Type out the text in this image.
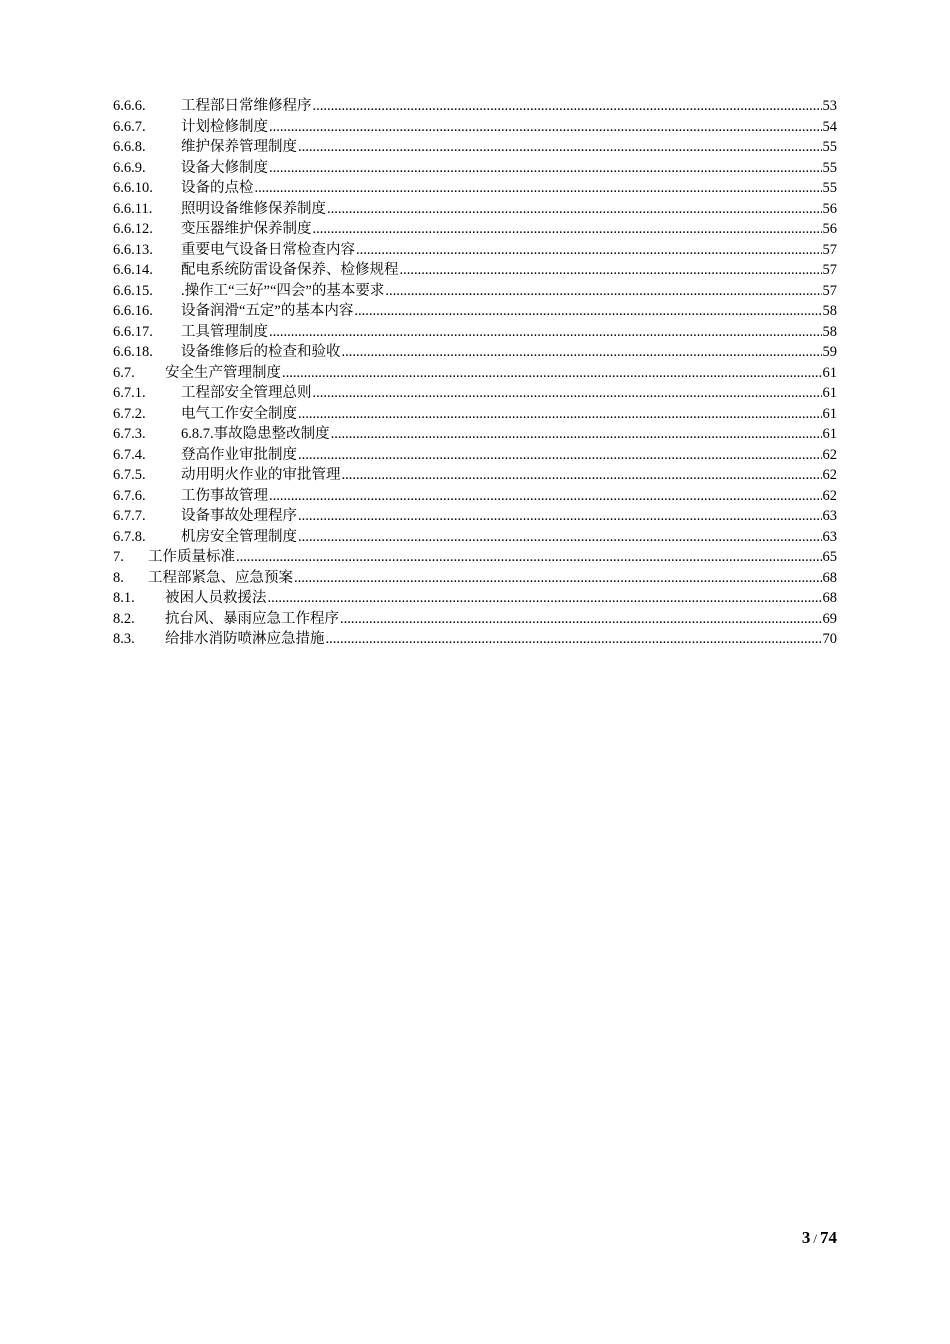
6.6.6.	工程部日常维修程序 .....	53
6.6.7.	计划检修制度 .....	54
6.6.8.	维护保养管理制度 .....	55
6.6.9.	设备大修制度 .....	55
6.6.10.	设备的点检 .....	55
6.6.11.	照明设备维修保养制度 .....	56
6.6.12.	变压器维护保养制度 .....	56
6.6.13.	重要电气设备日常检查内容 .....	57
6.6.14.	配电系统防雷设备保养、检修规程 .....	57
6.6.15.	.操作工“三好”“四会”的基本要求 .....	57
6.6.16.	设备润滑“五定”的基本内容 .....	58
6.6.17.	工具管理制度 .....	58
6.6.18.	设备维修后的检查和验收 .....	59
6.7.	安全生产管理制度 .....	61
6.7.1.	工程部安全管理总则 .....	61
6.7.2.	电气工作安全制度 .....	61
6.7.3.	6.8.7.事故隐患整改制度 .....	61
6.7.4.	登高作业审批制度 .....	62
6.7.5.	动用明火作业的审批管理 .....	62
6.7.6.	工伤事故管理 .....	62
6.7.7.	设备事故处理程序 .....	63
6.7.8.	机房安全管理制度 .....	63
7.	工作质量标准 .....	65
8.	工程部紧急、应急预案 .....	68
8.1.	被困人员救援法 .....	68
8.2.	抗台风、暴雨应急工作程序 .....	69
8.3.	给排水消防喷淋应急措施 .....	70
3 / 74
